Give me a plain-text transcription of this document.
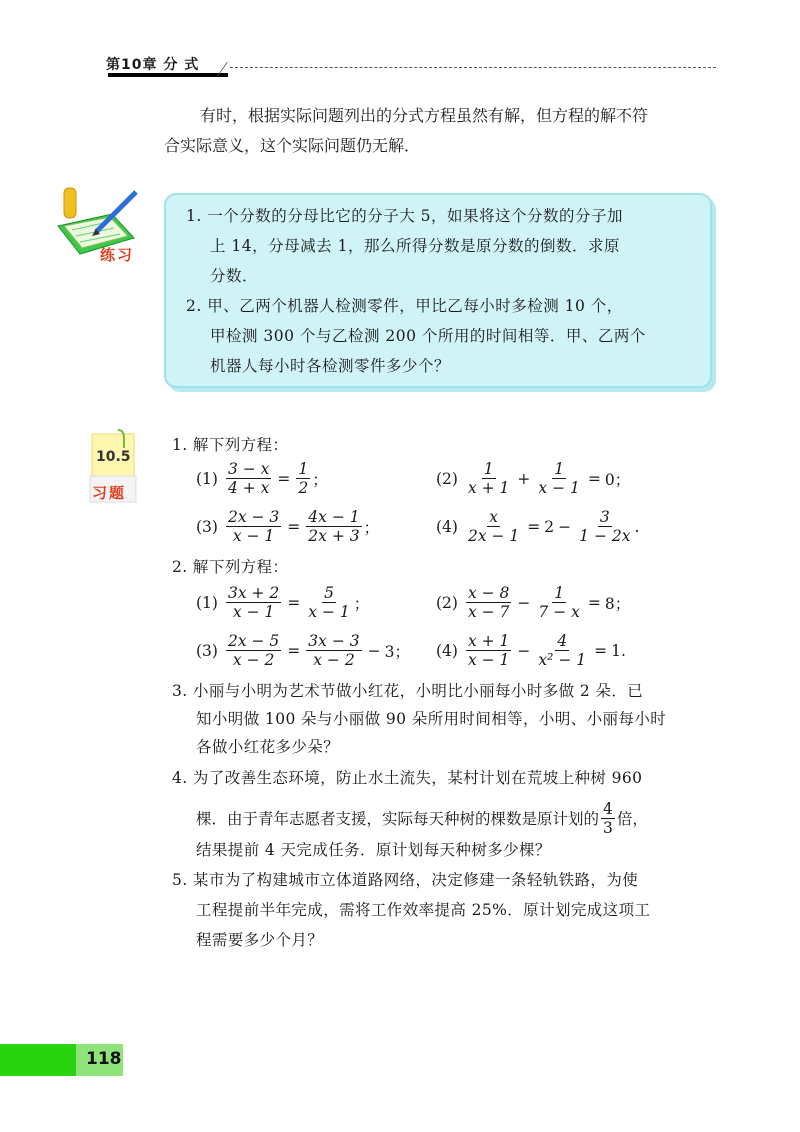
第10章 分 式
有时，根据实际问题列出的分式方程虽然有解，但方程的解不符
合实际意义，这个实际问题仍无解．
练习
1. 一个分数的分母比它的分子大 5，如果将这个分数的分子加
上 14，分母减去 1，那么所得分数是原分数的倒数．求原
分数．
2. 甲、乙两个机器人检测零件，甲比乙每小时多检测 10 个，
甲检测 300 个与乙检测 200 个所用的时间相等．甲、乙两个
机器人每小时各检测零件多少个？
10.5
习题
1. 解下列方程：
$(1) \frac{3 - x}{4 + x} = \frac{1}{2}$ ；	$(2) \frac{1}{x + 1} + \frac{1}{x - 1} = 0$；
$(3) \frac{2x - 3}{x - 1} = \frac{4x - 1}{2x + 3}$ ；	$(4) \frac{x}{2x - 1} = 2 - \frac{3}{1 - 2x}$ .
2. 解下列方程：
$(1) \frac{3x + 2}{x - 1} = \frac{5}{x - 1}$ ；	$(2) \frac{x - 8}{x - 7} - \frac{1}{7 - x} = 8$；
$(3) \frac{2x - 5}{x - 2} = \frac{3x - 3}{x - 2} - 3$； $(4) \frac{x + 1}{x - 1} - \frac{4}{\text{x² − 1}} = 1$.
3. 小丽与小明为艺术节做小红花，小明比小丽每小时多做 2 朵．已
知小明做 100 朵与小丽做 90 朵所用时间相等，小明、小丽每小时
各做小红花多少朵？
4. 为了改善生态环境，防止水土流失，某村计划在荒坡上种树 960
棵．由于青年志愿者支援，实际每天种树的棵数是原计划的 $\frac{4}{3}$ 倍，
结果提前 4 天完成任务．原计划每天种树多少棵？
5. 某市为了构建城市立体道路网络，决定修建一条轻轨铁路，为使
工程提前半年完成，需将工作效率提高 25%．原计划完成这项工
程需要多少个月？
118
